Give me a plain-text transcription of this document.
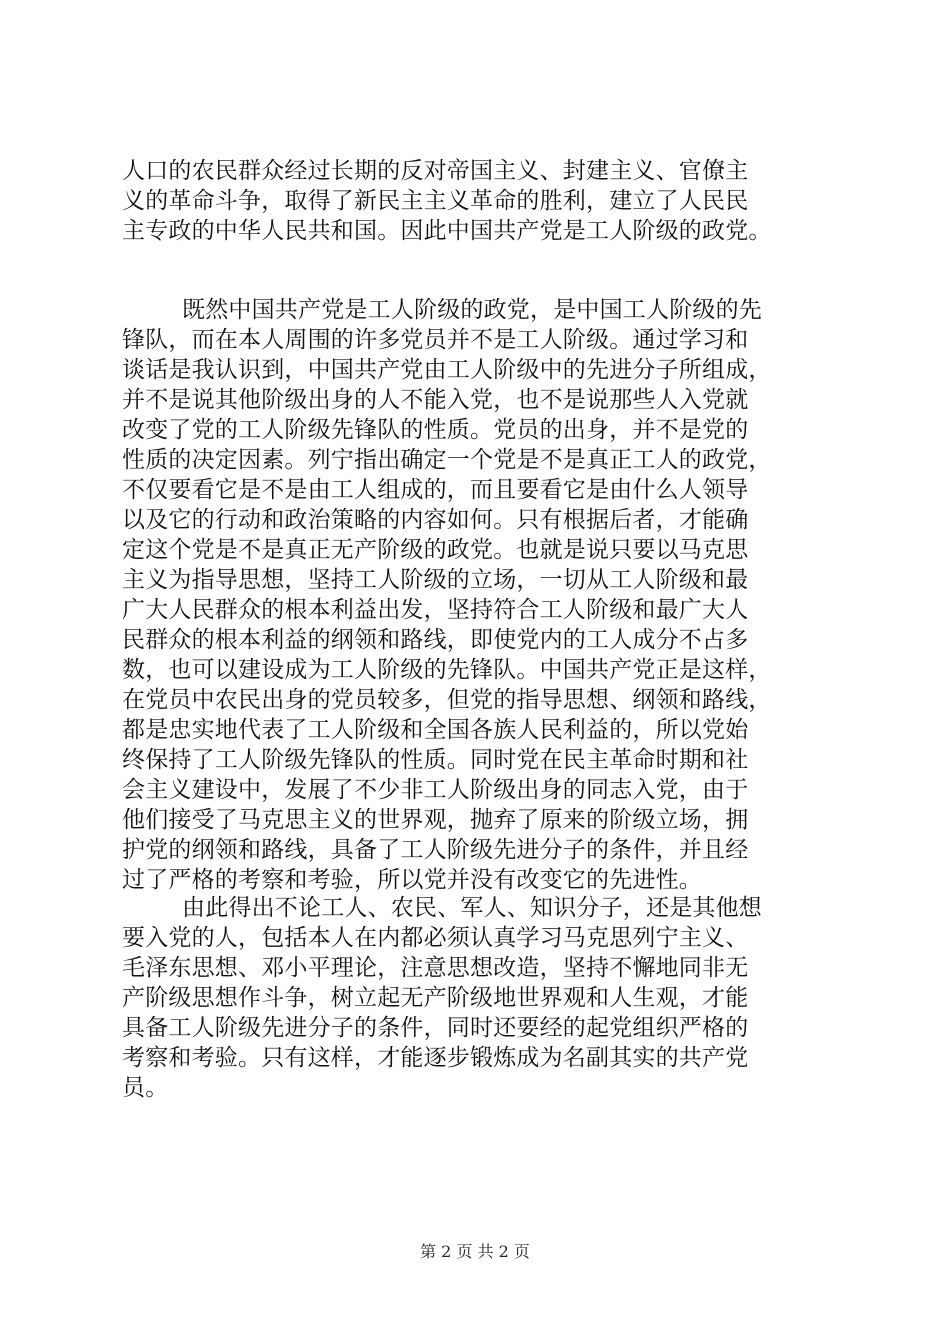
人口的农民群众经过长期的反对帝国主义、封建主义、官僚主
义的革命斗争，取得了新民主主义革命的胜利，建立了人民民
主专政的中华人民共和国。因此中国共产党是工人阶级的政党。
既然中国共产党是工人阶级的政党，是中国工人阶级的先
锋队，而在本人周围的许多党员并不是工人阶级。通过学习和
谈话是我认识到，中国共产党由工人阶级中的先进分子所组成，
并不是说其他阶级出身的人不能入党，也不是说那些人入党就
改变了党的工人阶级先锋队的性质。党员的出身，并不是党的
性质的决定因素。列宁指出确定一个党是不是真正工人的政党，
不仅要看它是不是由工人组成的，而且要看它是由什么人领导
以及它的行动和政治策略的内容如何。只有根据后者，才能确
定这个党是不是真正无产阶级的政党。也就是说只要以马克思
主义为指导思想，坚持工人阶级的立场，一切从工人阶级和最
广大人民群众的根本利益出发，坚持符合工人阶级和最广大人
民群众的根本利益的纲领和路线，即使党内的工人成分不占多
数，也可以建设成为工人阶级的先锋队。中国共产党正是这样，
在党员中农民出身的党员较多，但党的指导思想、纲领和路线，
都是忠实地代表了工人阶级和全国各族人民利益的，所以党始
终保持了工人阶级先锋队的性质。同时党在民主革命时期和社
会主义建设中，发展了不少非工人阶级出身的同志入党，由于
他们接受了马克思主义的世界观，抛弃了原来的阶级立场，拥
护党的纲领和路线，具备了工人阶级先进分子的条件，并且经
过了严格的考察和考验，所以党并没有改变它的先进性。
由此得出不论工人、农民、军人、知识分子，还是其他想
要入党的人，包括本人在内都必须认真学习马克思列宁主义、
毛泽东思想、邓小平理论，注意思想改造，坚持不懈地同非无
产阶级思想作斗争，树立起无产阶级地世界观和人生观，才能
具备工人阶级先进分子的条件，同时还要经的起党组织严格的
考察和考验。只有这样，才能逐步锻炼成为名副其实的共产党
员。
第 2 页 共 2 页
